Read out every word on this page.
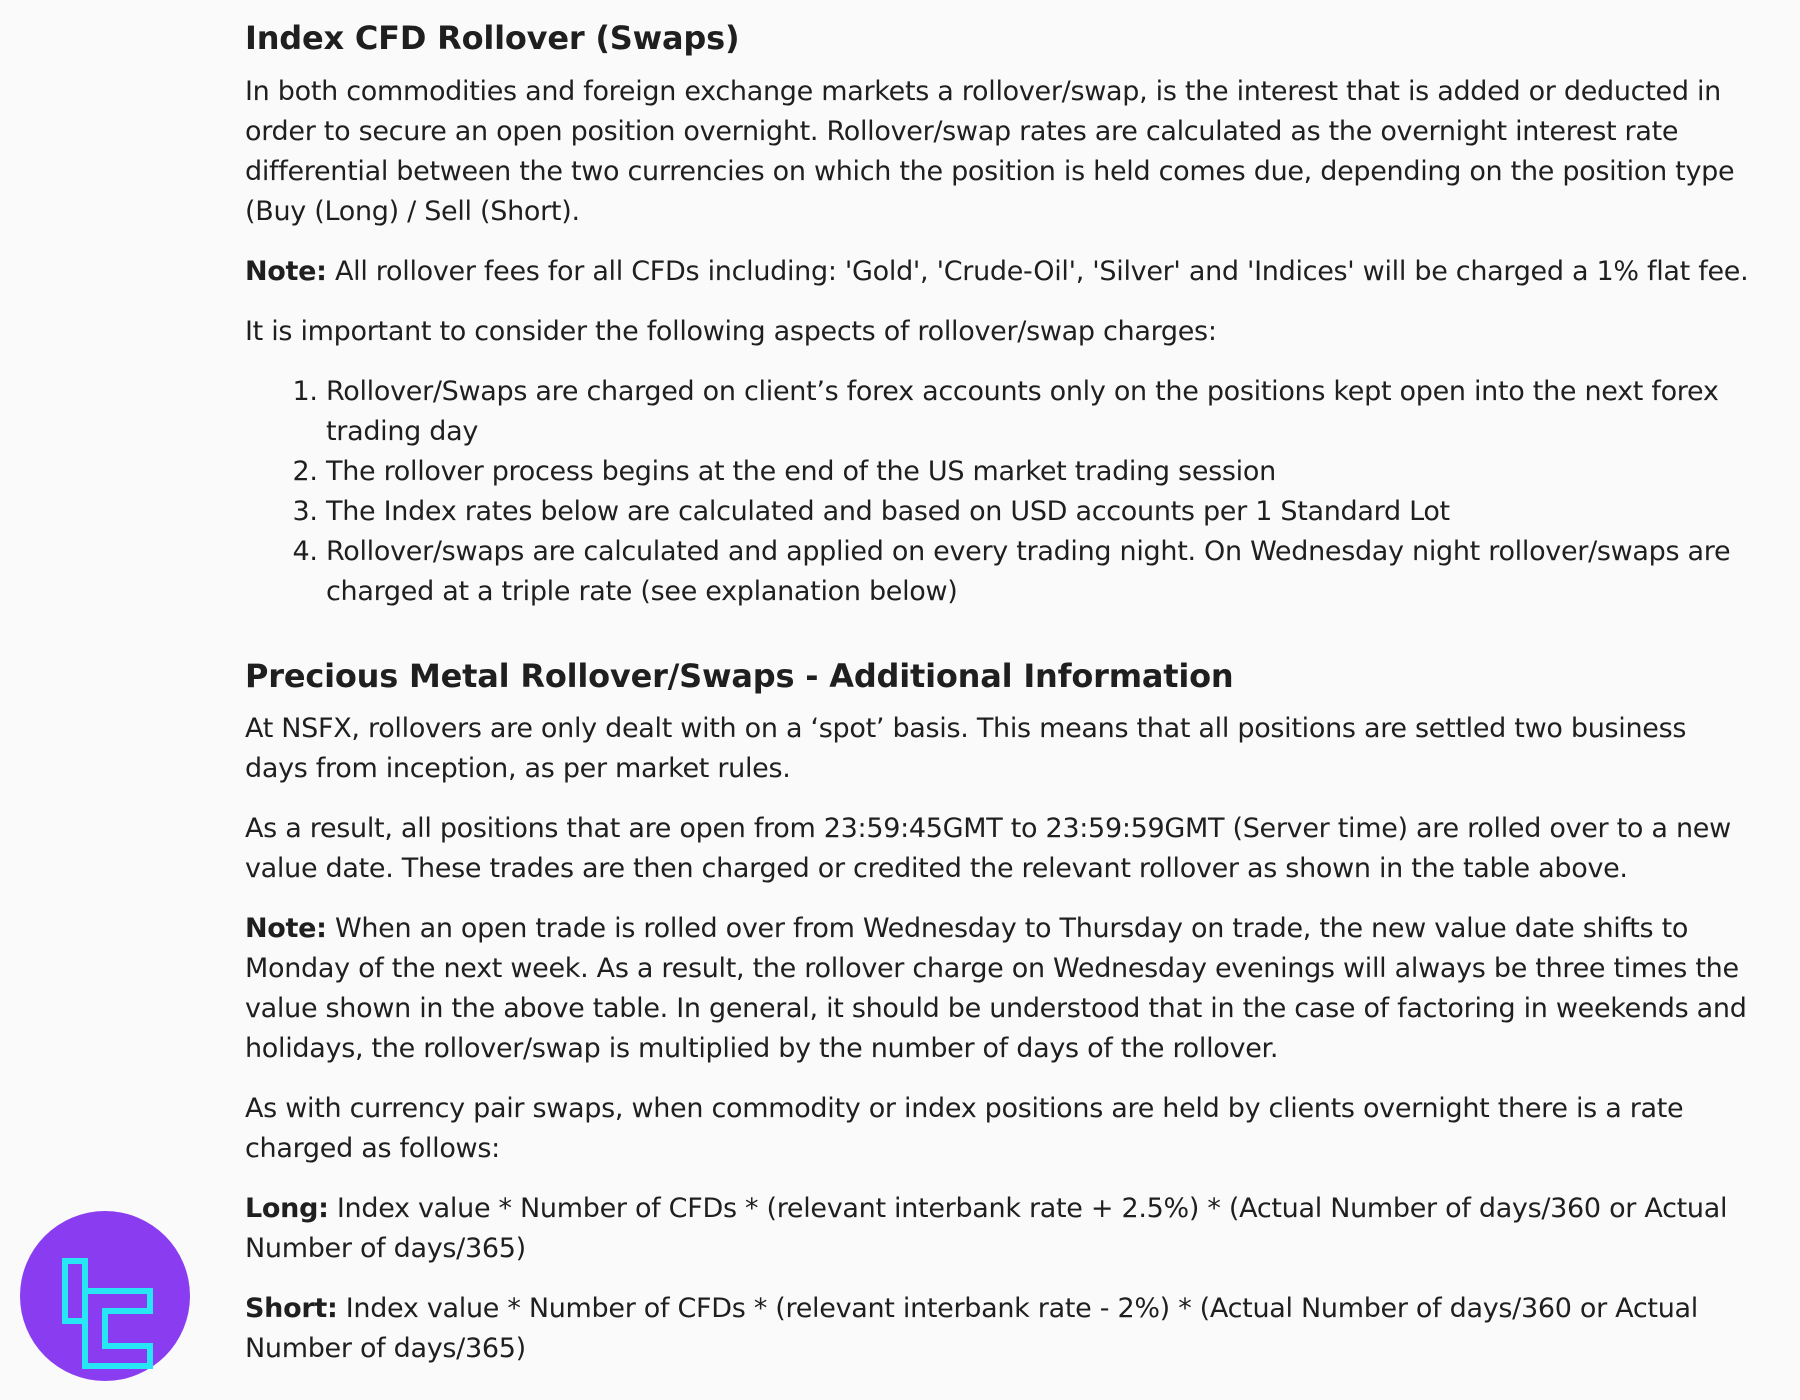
Index CFD Rollover (Swaps)

In both commodities and foreign exchange markets a rollover/swap, is the interest that is added or deducted in order to secure an open position overnight. Rollover/swap rates are calculated as the overnight interest rate differential between the two currencies on which the position is held comes due, depending on the position type (Buy (Long) / Sell (Short).

Note: All rollover fees for all CFDs including: 'Gold', 'Crude-Oil', 'Silver' and 'Indices' will be charged a 1% flat fee.

It is important to consider the following aspects of rollover/swap charges:

1. Rollover/Swaps are charged on client’s forex accounts only on the positions kept open into the next forex trading day
2. The rollover process begins at the end of the US market trading session
3. The Index rates below are calculated and based on USD accounts per 1 Standard Lot
4. Rollover/swaps are calculated and applied on every trading night. On Wednesday night rollover/swaps are charged at a triple rate (see explanation below)
Precious Metal Rollover/Swaps - Additional Information

At NSFX, rollovers are only dealt with on a ‘spot’ basis. This means that all positions are settled two business days from inception, as per market rules.

As a result, all positions that are open from 23:59:45GMT to 23:59:59GMT (Server time) are rolled over to a new value date. These trades are then charged or credited the relevant rollover as shown in the table above.

Note: When an open trade is rolled over from Wednesday to Thursday on trade, the new value date shifts to Monday of the next week. As a result, the rollover charge on Wednesday evenings will always be three times the value shown in the above table. In general, it should be understood that in the case of factoring in weekends and holidays, the rollover/swap is multiplied by the number of days of the rollover.

As with currency pair swaps, when commodity or index positions are held by clients overnight there is a rate charged as follows:

Long: Index value * Number of CFDs * (relevant interbank rate + 2.5%) * (Actual Number of days/360 or Actual Number of days/365)

Short: Index value * Number of CFDs * (relevant interbank rate - 2%) * (Actual Number of days/360 or Actual Number of days/365)
